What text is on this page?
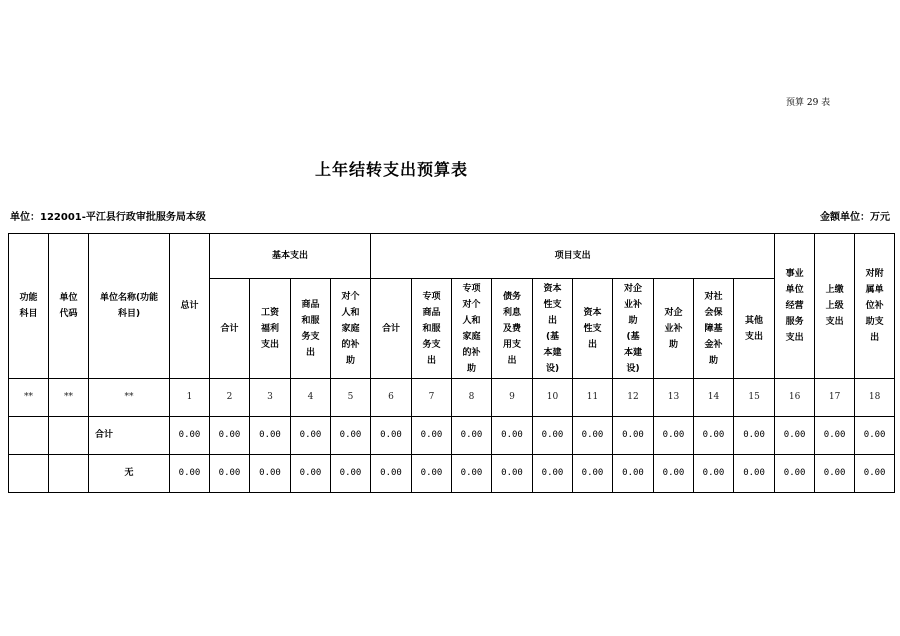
预算 29 表
上年结转支出预算表
单位：122001-平江县行政审批服务局本级	金额单位：万元
功能科目	单位代码	单位名称(功能科目)	总计	基本支出				项目支出										事业单位经营服务支出	上缴上级支出	对附属单位补助支出
				合计	工资福利支出	商品和服务支出	对个人和家庭的补助	合计	专项商品和服务支出	专项对个人和家庭的补助	债务利息及费用支出	资本性支出(基本建设)	资本性支出	对企业补助(基本建设)	对企业补助	对社会保障基金补助	其他支出			
**	**	**	1	2	3	4	5	6	7	8	9	10	11	12	13	14	15	16	17	18
		合计	0.00	0.00	0.00	0.00	0.00	0.00	0.00	0.00	0.00	0.00	0.00	0.00	0.00	0.00	0.00	0.00	0.00	0.00
		无	0.00	0.00	0.00	0.00	0.00	0.00	0.00	0.00	0.00	0.00	0.00	0.00	0.00	0.00	0.00	0.00	0.00	0.00
